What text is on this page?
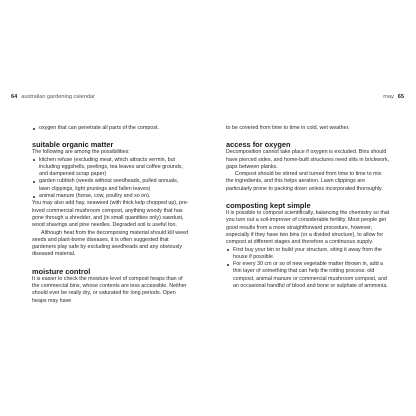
64 australian gardening calendar	may 65
oxygen that can penetrate all parts of the compost.
suitable organic matter

The following are among the possibilities:

kitchen refuse (excluding meat, which attracts vermin, but including eggshells, peelings, tea leaves and coffee grounds, and dampened scrap paper)
garden rubbish (weeds without seedheads, pulled annuals, lawn clippings, light prunings and fallen leaves)
animal manure (horse, cow, poultry and so on).

You may also add hay, seaweed (with thick kelp chopped up), pre-loved commercial mushroom compost, anything woody that has gone through a shredder, and (in small quantities only) sawdust, wood shavings and pine needles. Degraded soil is useful too.

Although heat from the decomposing material should kill weed seeds and plant-borne diseases, it is often suggested that gardeners play safe by excluding seedheads and any obviously diseased material.

moisture control

It is easier to check the moisture level of compost heaps than of the commercial bins, whose contents are less accessible. Neither should ever be really dry, or saturated for long periods. Open heaps may have

to be covered from time to time in cold, wet weather.

access for oxygen

Decomposition cannot take place if oxygen is excluded. Bins should have pierced sides, and home-built structures need slits in brickwork, gaps between planks.

Compost should be stirred and turned from time to time to mix the ingredients, and this helps aeration. Lawn clippings are particularly prone to packing down unless incorporated thoroughly.

composting kept simple

It is possible to compost scientifically, balancing the chemistry so that you turn out a soil-improver of considerable fertility. Most people get good results from a more straightforward procedure, however, especially if they have two bins (or a divided structure), to allow for compost at different stages and therefore a continuous supply.

First buy your bin or build your structure, siting it away from the house if possible.
For every 30 cm or so of new vegetable matter thrown in, add a thin layer of something that can help the rotting process: old compost, animal manure or commercial mushroom compost, and an occasional handful of blood and bone or sulphate of ammonia.
